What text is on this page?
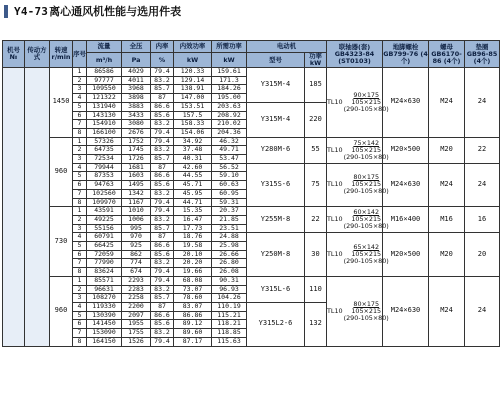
Y4-73 离心通风机性能与选用件表
机号 №	传动方式	转速 r/min	序号	流量	全压	内率	内效功率	所需功率	电动机		联轴器(套) GB4323-84 (ST0103)	地脚螺栓 GB799-76 (4个)	螺母 GB6170-86 (4个)	垫圈 GB96-85 (4个)
				m³/h	Pa	%	kW	kW	型号	功率kW				
		1450	1	86586	4029	79.4	120.33	159.61	Y315M-4	185	TL10
90×175
105×215
(290-105×80)	M24×630	M24	24
			2	97777	4011	83.2	129.14	171.3						
			3	109550	3968	85.7	138.91	184.26						
			4	121322	3898	87	147.00	195.00						
			5	131940	3883	86.6	153.51	203.63	Y315M-4	220				
			6	143130	3433	85.6	157.5	208.92						
			7	154910	3080	83.2	158.33	210.02						
			8	166100	2676	79.4	154.06	204.36						
		960	1	57326	1752	79.4	34.92	46.32	Y280M-6	55	TL10
75×142
105×215
(290-105×80)	M20×500	M20	22
			2	64735	1745	83.2	37.48	49.71						
			3	72534	1726	85.7	40.31	53.47						
			4	79944	1681	87	42.60	56.52	Y315S-6	75	TL10
80×175
105×215
(290-105×80)	M24×630	M24	24
			5	87353	1603	86.6	44.55	59.10						
			6	94763	1495	85.6	45.71	60.63						
			7	102560	1342	83.2	45.95	60.95						
			8	109970	1167	79.4	44.71	59.31						
		730	1	43591	1010	79.4	15.35	20.37	Y255M-8	22	TL10
60×142
105×215
(290-105×80)	M16×400	M16	16
			2	49225	1006	83.2	16.47	21.85						
			3	55156	995	85.7	17.73	23.51						
			4	60791	970	87	18.76	24.88	Y250M-8	30	TL10
65×142
105×215
(290-105×80)	M20×500	M20	20
			5	66425	925	86.6	19.58	25.98						
			6	72059	862	85.6	20.10	26.66						
			7	77990	774	83.2	20.20	26.80						
			8	83624	674	79.4	19.66	26.08						
		960	1	85571	2293	79.4	68.08	90.31	Y315L-6	110	TL10
80×175
105×215
(290-105×80)	M24×630	M24	24
			2	96631	2283	83.2	73.07	96.93						
			3	108270	2258	85.7	78.60	104.26						
			4	119330	2200	87	83.07	110.19	Y315L2-6	132				
			5	130390	2097	86.6	86.86	115.21						
			6	141450	1955	85.6	89.12	118.21						
			7	153090	1755	83.2	89.60	118.85						
			8	164150	1526	79.4	87.17	115.63						
